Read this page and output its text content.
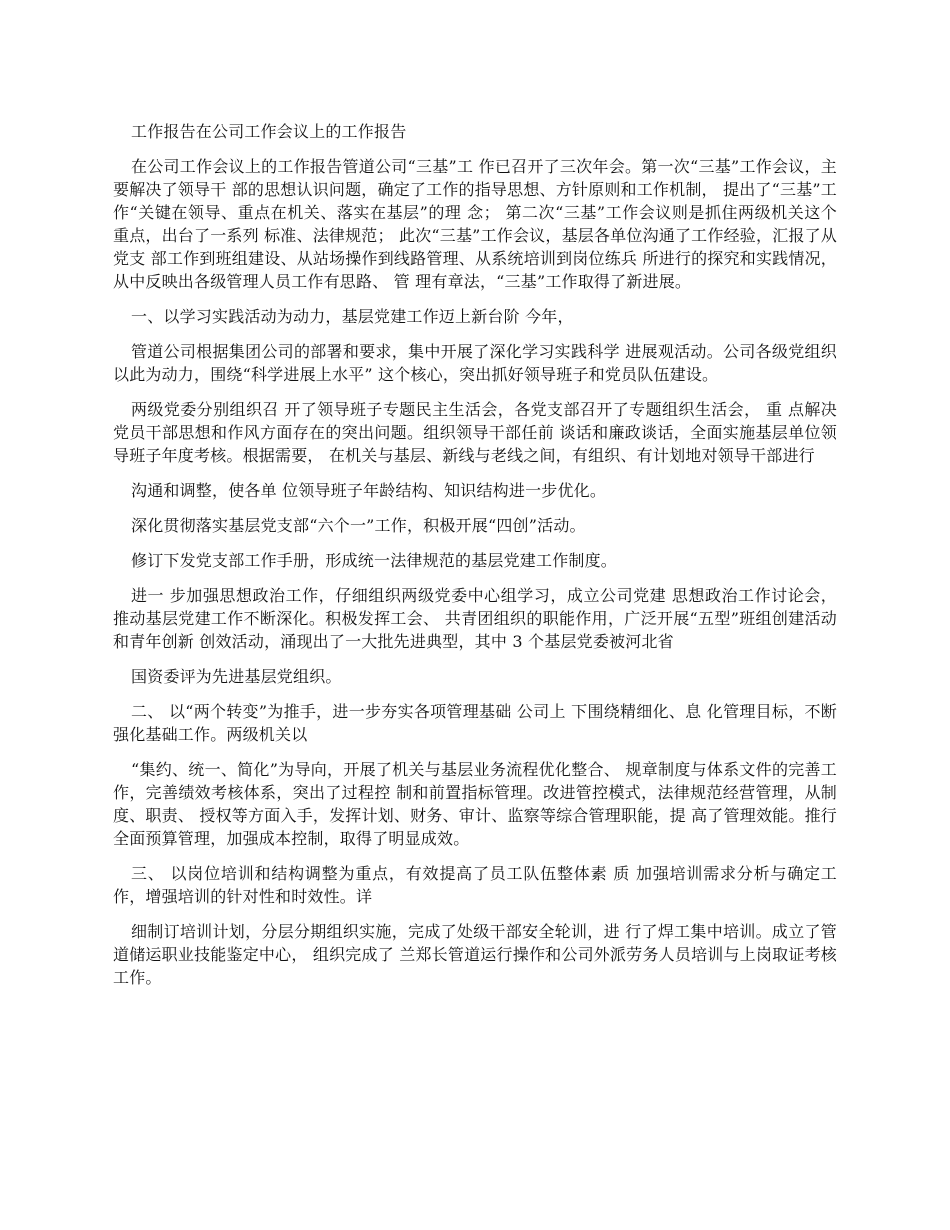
工作报告在公司工作会议上的工作报告

在公司工作会议上的工作报告管道公司“三基”工 作已召开了三次年会。第一次“三基”工作会议，主要解决了领导干 部的思想认识问题，确定了工作的指导思想、方针原则和工作机制， 提出了“三基”工作“关键在领导、重点在机关、落实在基层”的理 念； 第二次“三基”工作会议则是抓住两级机关这个重点，出台了一系列 标准、法律规范； 此次“三基”工作会议，基层各单位沟通了工作经验，汇报了从党支 部工作到班组建设、从站场操作到线路管理、从系统培训到岗位练兵 所进行的探究和实践情况，从中反映出各级管理人员工作有思路、 管 理有章法，“三基”工作取得了新进展。

一、以学习实践活动为动力，基层党建工作迈上新台阶 今年，

管道公司根据集团公司的部署和要求，集中开展了深化学习实践科学 进展观活动。公司各级党组织以此为动力，围绕“科学进展上水平” 这个核心，突出抓好领导班子和党员队伍建设。

两级党委分别组织召 开了领导班子专题民主生活会，各党支部召开了专题组织生活会， 重 点解决党员干部思想和作风方面存在的突出问题。组织领导干部任前 谈话和廉政谈话，全面实施基层单位领导班子年度考核。根据需要， 在机关与基层、新线与老线之间，有组织、有计划地对领导干部进行

沟通和调整，使各单 位领导班子年龄结构、知识结构进一步优化。

深化贯彻落实基层党支部“六个一”工作，积极开展“四创”活动。

修订下发党支部工作手册，形成统一法律规范的基层党建工作制度。

进一 步加强思想政治工作，仔细组织两级党委中心组学习，成立公司党建 思想政治工作讨论会，推动基层党建工作不断深化。积极发挥工会、 共青团组织的职能作用，广泛开展“五型”班组创建活动和青年创新 创效活动，涌现出了一大批先进典型，其中 3 个基层党委被河北省

国资委评为先进基层党组织。

二、 以“两个转变”为推手，进一步夯实各项管理基础 公司上 下围绕精细化、息 化管理目标，不断强化基础工作。两级机关以

“集约、统一、简化”为导向，开展了机关与基层业务流程优化整合、 规章制度与体系文件的完善工作，完善绩效考核体系，突出了过程控 制和前置指标管理。改进管控模式，法律规范经营管理，从制度、职责、 授权等方面入手，发挥计划、财务、审计、监察等综合管理职能，提 高了管理效能。推行全面预算管理，加强成本控制，取得了明显成效。

三、 以岗位培训和结构调整为重点，有效提高了员工队伍整体素 质 加强培训需求分析与确定工作，增强培训的针对性和时效性。详

细制订培训计划，分层分期组织实施，完成了处级干部安全轮训，进 行了焊工集中培训。成立了管道储运职业技能鉴定中心， 组织完成了 兰郑长管道运行操作和公司外派劳务人员培训与上岗取证考核工作。
